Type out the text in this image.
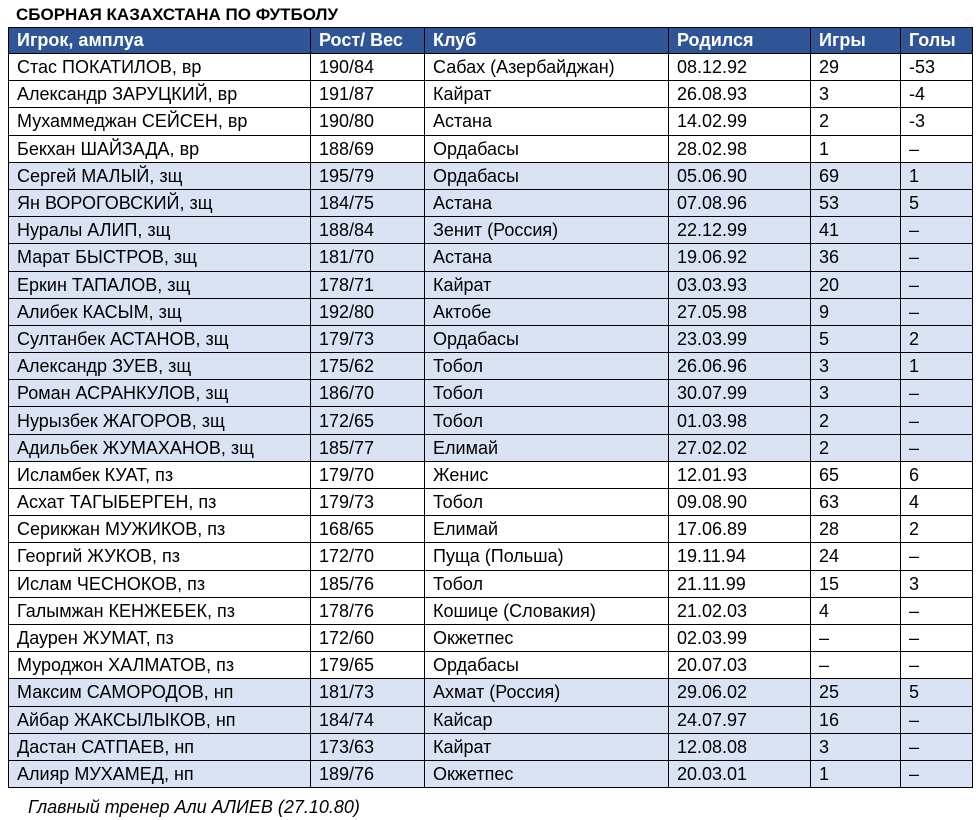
СБОРНАЯ КАЗАХСТАНА ПО ФУТБОЛУ
Игрок, амплуа	Рост/ Вес	Клуб	Родился	Игры	Голы
Стас ПОКАТИЛОВ, вр	190/84	Сабах (Азербайджан)	08.12.92	29	-53
Александр ЗАРУЦКИЙ, вр	191/87	Кайрат	26.08.93	3	-4
Мухаммеджан СЕЙСЕН, вр	190/80	Астана	14.02.99	2	-3
Бекхан ШАЙЗАДА, вр	188/69	Ордабасы	28.02.98	1	–
Сергей МАЛЫЙ, зщ	195/79	Ордабасы	05.06.90	69	1
Ян ВОРОГОВСКИЙ, зщ	184/75	Астана	07.08.96	53	5
Нуралы АЛИП, зщ	188/84	Зенит (Россия)	22.12.99	41	–
Марат БЫСТРОВ, зщ	181/70	Астана	19.06.92	36	–
Еркин ТАПАЛОВ, зщ	178/71	Кайрат	03.03.93	20	–
Алибек КАСЫМ, зщ	192/80	Актобе	27.05.98	9	–
Султанбек АСТАНОВ, зщ	179/73	Ордабасы	23.03.99	5	2
Александр ЗУЕВ, зщ	175/62	Тобол	26.06.96	3	1
Роман АСРАНКУЛОВ, зщ	186/70	Тобол	30.07.99	3	–
Нурызбек ЖАГОРОВ, зщ	172/65	Тобол	01.03.98	2	–
Адильбек ЖУМАХАНОВ, зщ	185/77	Елимай	27.02.02	2	–
Исламбек КУАТ, пз	179/70	Женис	12.01.93	65	6
Асхат ТАГЫБЕРГЕН, пз	179/73	Тобол	09.08.90	63	4
Серикжан МУЖИКОВ, пз	168/65	Елимай	17.06.89	28	2
Георгий ЖУКОВ, пз	172/70	Пуща (Польша)	19.11.94	24	–
Ислам ЧЕСНОКОВ, пз	185/76	Тобол	21.11.99	15	3
Галымжан КЕНЖЕБЕК, пз	178/76	Кошице (Словакия)	21.02.03	4	–
Даурен ЖУМАТ, пз	172/60	Окжетпес	02.03.99	–	–
Муроджон ХАЛМАТОВ, пз	179/65	Ордабасы	20.07.03	–	–
Максим САМОРОДОВ, нп	181/73	Ахмат (Россия)	29.06.02	25	5
Айбар ЖАКСЫЛЫКОВ, нп	184/74	Кайсар	24.07.97	16	–
Дастан САТПАЕВ, нп	173/63	Кайрат	12.08.08	3	–
Алияр МУХАМЕД, нп	189/76	Окжетпес	20.03.01	1	–
Главный тренер Али АЛИЕВ (27.10.80)
